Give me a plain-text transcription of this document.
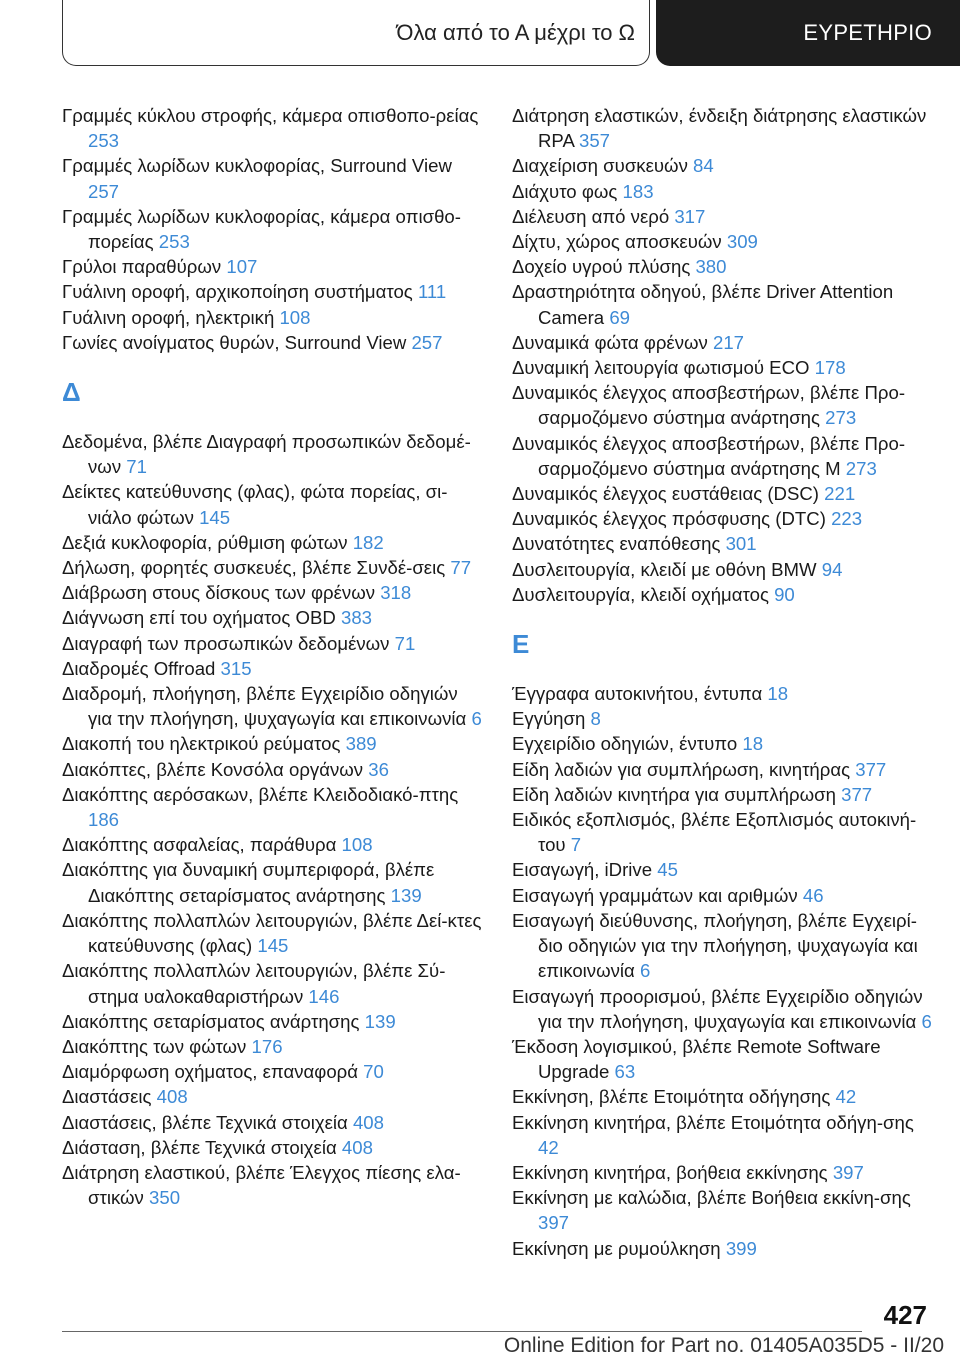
Όλα από το Α μέχρι το Ω	ΕΥΡΕΤΗΡΙΟ
Γραμμές κύκλου στροφής, κάμερα οπισθοπο‐ρείας 253
Γραμμές λωρίδων κυκλοφορίας, Surround View 257
Γραμμές λωρίδων κυκλοφορίας, κάμερα οπισθο‐πορείας 253
Γρύλοι παραθύρων 107
Γυάλινη οροφή, αρχικοποίηση συστήματος 111
Γυάλινη οροφή, ηλεκτρική 108
Γωνίες ανοίγματος θυρών, Surround View 257
Δ
Δεδομένα, βλέπε Διαγραφή προσωπικών δεδομέ‐νων 71
Δείκτες κατεύθυνσης (φλας), φώτα πορείας, σι‐νιάλο φώτων 145
Δεξιά κυκλοφορία, ρύθμιση φώτων 182
Δήλωση, φορητές συσκευές, βλέπε Συνδέ‐σεις 77
Διάβρωση στους δίσκους των φρένων 318
Διάγνωση επί του οχήματος OBD 383
Διαγραφή των προσωπικών δεδομένων 71
Διαδρομές Offroad 315
Διαδρομή, πλοήγηση, βλέπε Εγχειρίδιο οδηγιών για την πλοήγηση, ψυχαγωγία και επικοινωνία 6
Διακοπή του ηλεκτρικού ρεύματος 389
Διακόπτες, βλέπε Κονσόλα οργάνων 36
Διακόπτης αερόσακων, βλέπε Κλειδοδιακό‐πτης 186
Διακόπτης ασφαλείας, παράθυρα 108
Διακόπτης για δυναμική συμπεριφορά, βλέπε Διακόπτης σεταρίσματος ανάρτησης 139
Διακόπτης πολλαπλών λειτουργιών, βλέπε Δεί‐κτες κατεύθυνσης (φλας) 145
Διακόπτης πολλαπλών λειτουργιών, βλέπε Σύ‐στημα υαλοκαθαριστήρων 146
Διακόπτης σεταρίσματος ανάρτησης 139
Διακόπτης των φώτων 176
Διαμόρφωση οχήματος, επαναφορά 70
Διαστάσεις 408
Διαστάσεις, βλέπε Τεχνικά στοιχεία 408
Διάσταση, βλέπε Τεχνικά στοιχεία 408
Διάτρηση ελαστικού, βλέπε Έλεγχος πίεσης ελα‐στικών 350
Διάτρηση ελαστικών, ένδειξη διάτρησης ελαστικών RPA 357
Διαχείριση συσκευών 84
Διάχυτο φως 183
Διέλευση από νερό 317
Δίχτυ, χώρος αποσκευών 309
Δοχείο υγρού πλύσης 380
Δραστηριότητα οδηγού, βλέπε Driver Attention Camera 69
Δυναμικά φώτα φρένων 217
Δυναμική λειτουργία φωτισμού ECO 178
Δυναμικός έλεγχος αποσβεστήρων, βλέπε Προ‐σαρμοζόμενο σύστημα ανάρτησης 273
Δυναμικός έλεγχος αποσβεστήρων, βλέπε Προ‐σαρμοζόμενο σύστημα ανάρτησης M 273
Δυναμικός έλεγχος ευστάθειας (DSC) 221
Δυναμικός έλεγχος πρόσφυσης (DTC) 223
Δυνατότητες εναπόθεσης 301
Δυσλειτουργία, κλειδί με οθόνη BMW 94
Δυσλειτουργία, κλειδί οχήματος 90
Ε
Έγγραφα αυτοκινήτου, έντυπα 18
Εγγύηση 8
Εγχειρίδιο οδηγιών, έντυπο 18
Είδη λαδιών για συμπλήρωση, κινητήρας 377
Είδη λαδιών κινητήρα για συμπλήρωση 377
Ειδικός εξοπλισμός, βλέπε Εξοπλισμός αυτοκινή‐του 7
Εισαγωγή, iDrive 45
Εισαγωγή γραμμάτων και αριθμών 46
Εισαγωγή διεύθυνσης, πλοήγηση, βλέπε Εγχειρί‐διο οδηγιών για την πλοήγηση, ψυχαγωγία και επικοινωνία 6
Εισαγωγή προορισμού, βλέπε Εγχειρίδιο οδηγιών για την πλοήγηση, ψυχαγωγία και επικοινωνία 6
Έκδοση λογισμικού, βλέπε Remote Software Upgrade 63
Εκκίνηση, βλέπε Ετοιμότητα οδήγησης 42
Εκκίνηση κινητήρα, βλέπε Ετοιμότητα οδήγη‐σης 42
Εκκίνηση κινητήρα, βοήθεια εκκίνησης 397
Εκκίνηση με καλώδια, βλέπε Βοήθεια εκκίνη‐σης 397
Εκκίνηση με ρυμούλκηση 399
427
Online Edition for Part no. 01405A035D5 - II/20
